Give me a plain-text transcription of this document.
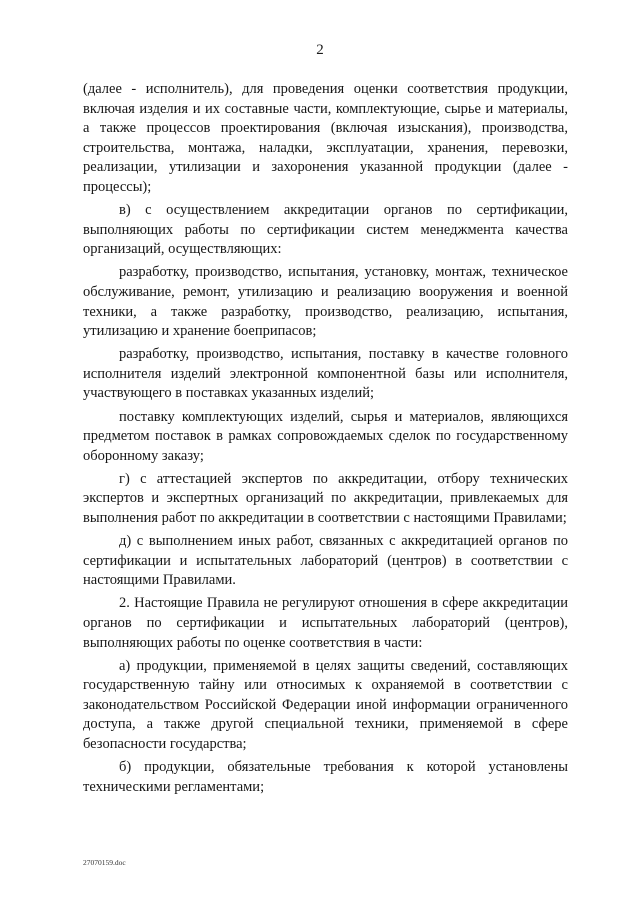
2

(далее - исполнитель), для проведения оценки соответствия продукции, включая изделия и их составные части, комплектующие, сырье и материалы, а также процессов проектирования (включая изыскания), производства, строительства, монтажа, наладки, эксплуатации, хранения, перевозки, реализации, утилизации и захоронения указанной продукции (далее - процессы);

в) с осуществлением аккредитации органов по сертификации, выполняющих работы по сертификации систем менеджмента качества организаций, осуществляющих:

разработку, производство, испытания, установку, монтаж, техническое обслуживание, ремонт, утилизацию и реализацию вооружения и военной техники, а также разработку, производство, реализацию, испытания, утилизацию и хранение боеприпасов;

разработку, производство, испытания, поставку в качестве головного исполнителя изделий электронной компонентной базы или исполнителя, участвующего в поставках указанных изделий;

поставку комплектующих изделий, сырья и материалов, являющихся предметом поставок в рамках сопровождаемых сделок по государственному оборонному заказу;

г) с аттестацией экспертов по аккредитации, отбору технических экспертов и экспертных организаций по аккредитации, привлекаемых для выполнения работ по аккредитации в соответствии с настоящими Правилами;

д) с выполнением иных работ, связанных с аккредитацией органов по сертификации и испытательных лабораторий (центров) в соответствии с настоящими Правилами.

2. Настоящие Правила не регулируют отношения в сфере аккредитации органов по сертификации и испытательных лабораторий (центров), выполняющих работы по оценке соответствия в части:

а) продукции, применяемой в целях защиты сведений, составляющих государственную тайну или относимых к охраняемой в соответствии с законодательством Российской Федерации иной информации ограниченного доступа, а также другой специальной техники, применяемой в сфере безопасности государства;

б) продукции, обязательные требования к которой установлены техническими регламентами;

27070159.doc
